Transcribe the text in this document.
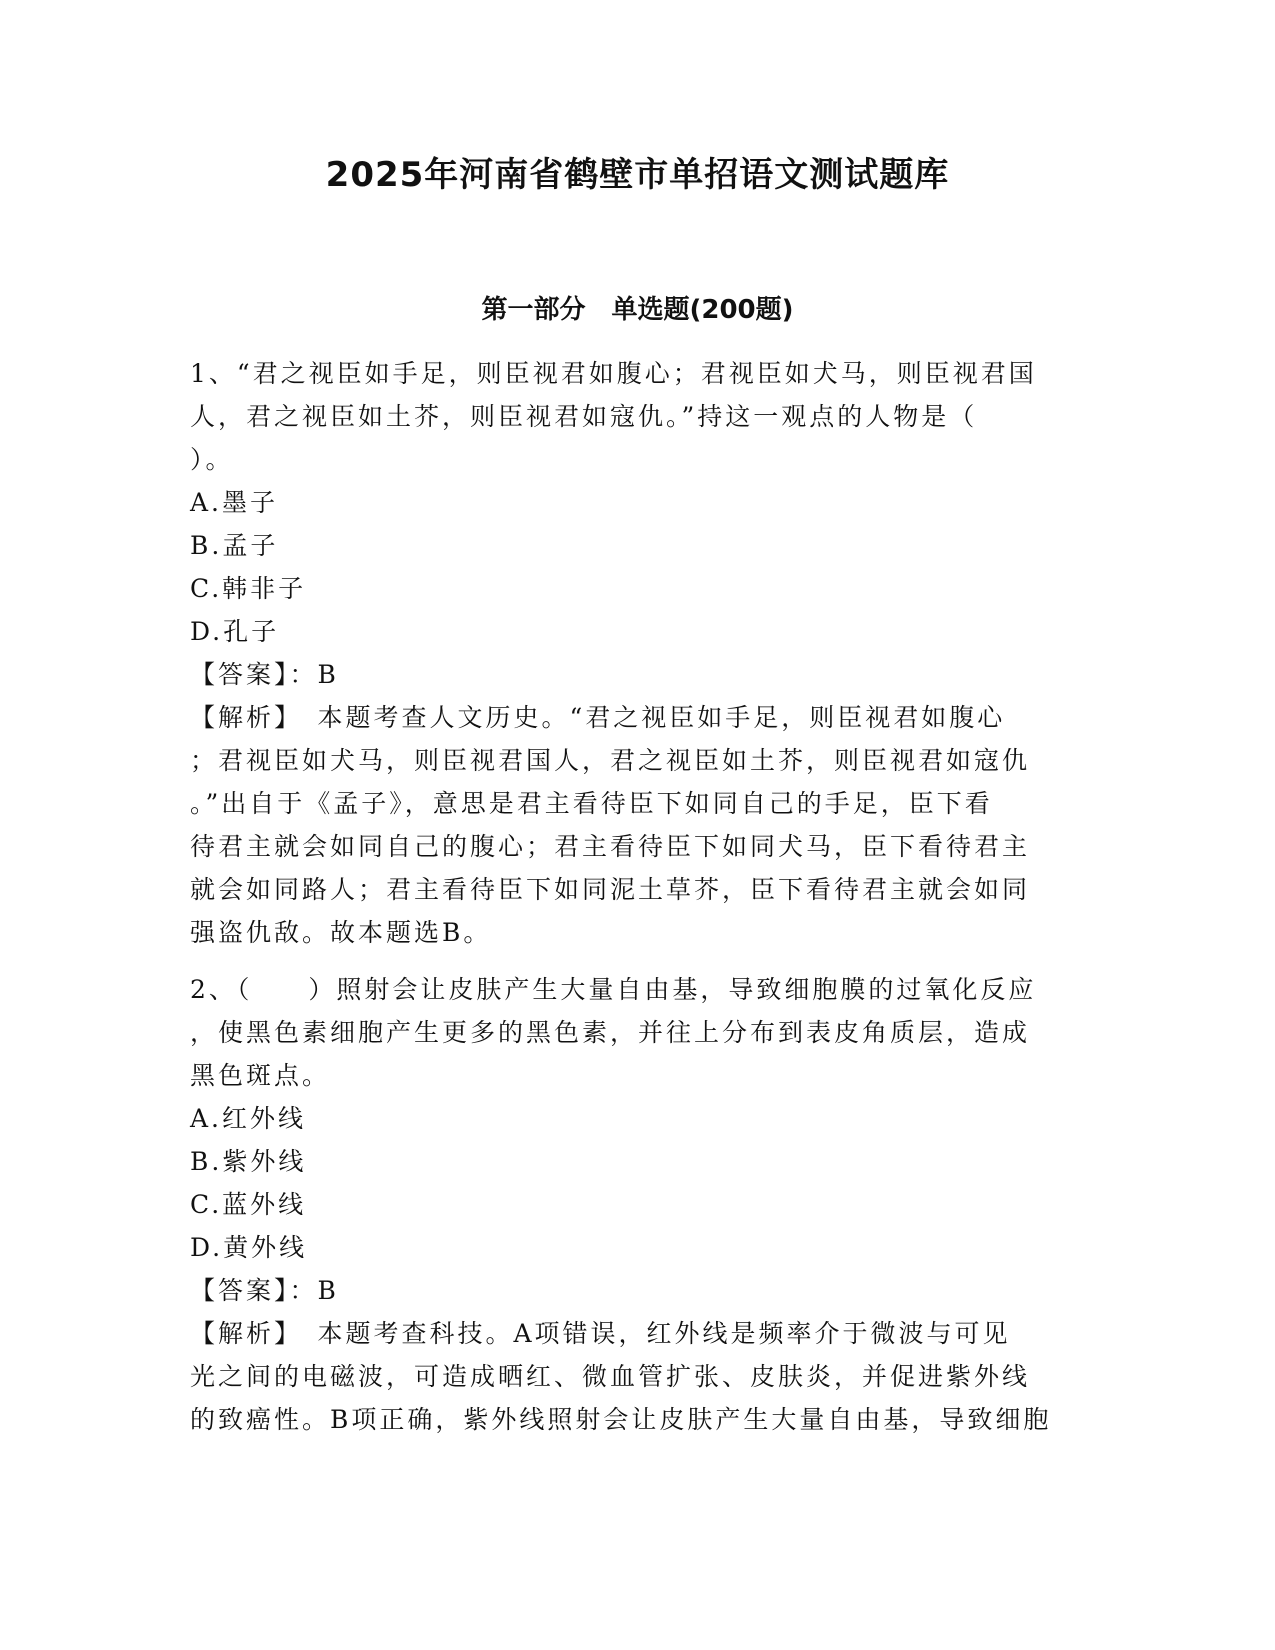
2025年河南省鹤壁市单招语文测试题库
第一部分　单选题(200题)
1、“君之视臣如手足，则臣视君如腹心；君视臣如犬马，则臣视君国
人，君之视臣如土芥，则臣视君如寇仇。”持这一观点的人物是（
）。
A.墨子
B.孟子
C.韩非子
D.孔子
【答案】：B
【解析】　本题考查人文历史。“君之视臣如手足，则臣视君如腹心
；君视臣如犬马，则臣视君国人，君之视臣如土芥，则臣视君如寇仇
。”出自于《孟子》，意思是君主看待臣下如同自己的手足，臣下看
待君主就会如同自己的腹心；君主看待臣下如同犬马，臣下看待君主
就会如同路人；君主看待臣下如同泥土草芥，臣下看待君主就会如同
强盗仇敌。故本题选B。
2、（　　）照射会让皮肤产生大量自由基，导致细胞膜的过氧化反应
，使黑色素细胞产生更多的黑色素，并往上分布到表皮角质层，造成
黑色斑点。
A.红外线
B.紫外线
C.蓝外线
D.黄外线
【答案】：B
【解析】　本题考查科技。A项错误，红外线是频率介于微波与可见
光之间的电磁波，可造成晒红、微血管扩张、皮肤炎，并促进紫外线
的致癌性。B项正确，紫外线照射会让皮肤产生大量自由基，导致细胞
